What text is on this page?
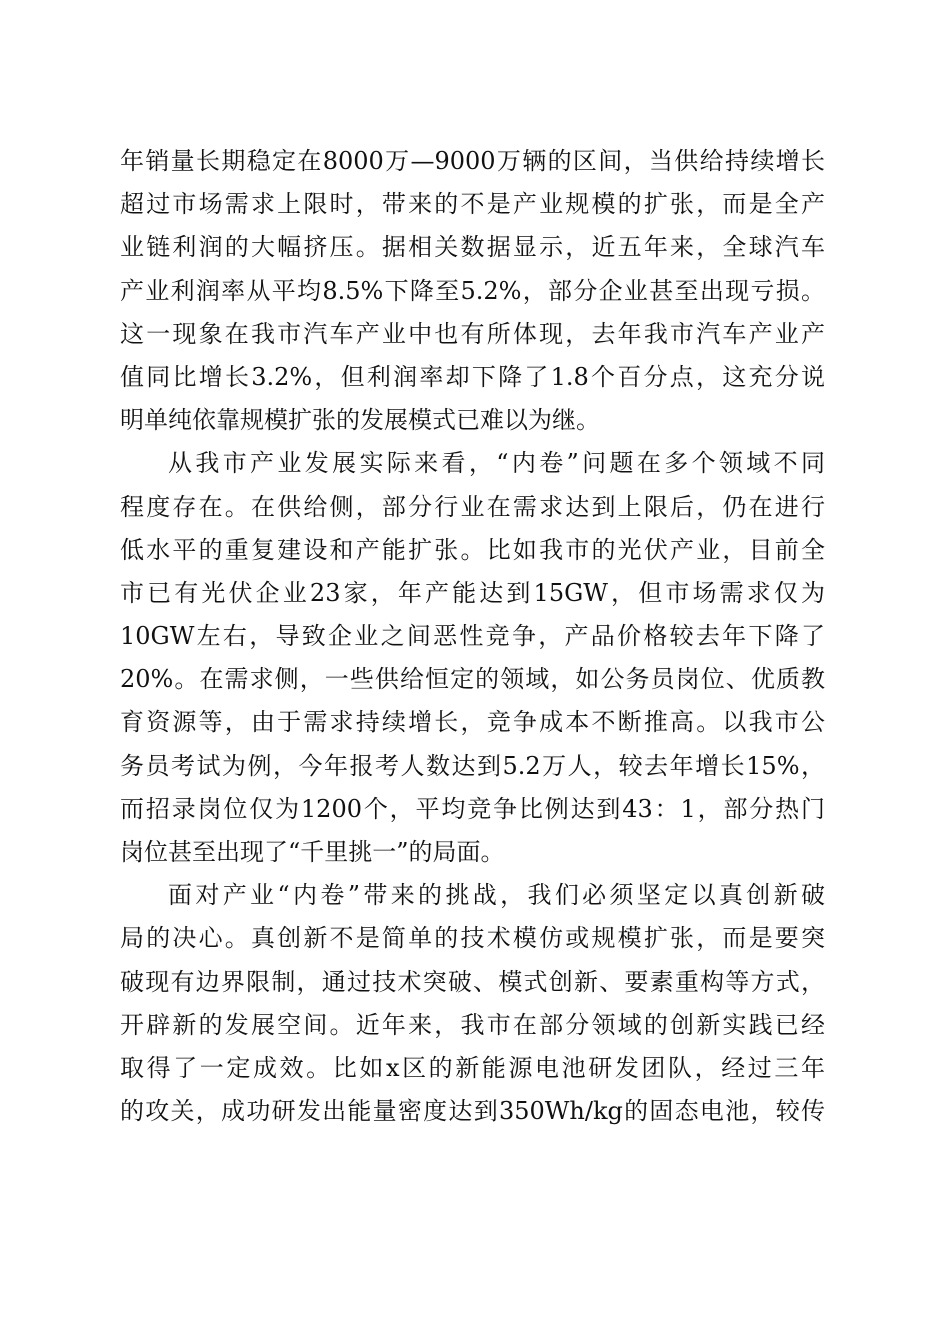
年销量长期稳定在8000万—9000万辆的区间，当供给持续增长
超过市场需求上限时，带来的不是产业规模的扩张，而是全产
业链利润的大幅挤压。据相关数据显示，近五年来，全球汽车
产业利润率从平均8.5%下降至5.2%，部分企业甚至出现亏损。
这一现象在我市汽车产业中也有所体现，去年我市汽车产业产
值同比增长3.2%，但利润率却下降了1.8个百分点，这充分说
明单纯依靠规模扩张的发展模式已难以为继。
从我市产业发展实际来看，“内卷”问题在多个领域不同
程度存在。在供给侧，部分行业在需求达到上限后，仍在进行
低水平的重复建设和产能扩张。比如我市的光伏产业，目前全
市已有光伏企业23家，年产能达到15GW，但市场需求仅为
10GW左右，导致企业之间恶性竞争，产品价格较去年下降了
20%。在需求侧，一些供给恒定的领域，如公务员岗位、优质教
育资源等，由于需求持续增长，竞争成本不断推高。以我市公
务员考试为例，今年报考人数达到5.2万人，较去年增长15%，
而招录岗位仅为1200个，平均竞争比例达到43：1，部分热门
岗位甚至出现了“千里挑一”的局面。
面对产业“内卷”带来的挑战，我们必须坚定以真创新破
局的决心。真创新不是简单的技术模仿或规模扩张，而是要突
破现有边界限制，通过技术突破、模式创新、要素重构等方式，
开辟新的发展空间。近年来，我市在部分领域的创新实践已经
取得了一定成效。比如x区的新能源电池研发团队，经过三年
的攻关，成功研发出能量密度达到350Wh/kg的固态电池，较传
